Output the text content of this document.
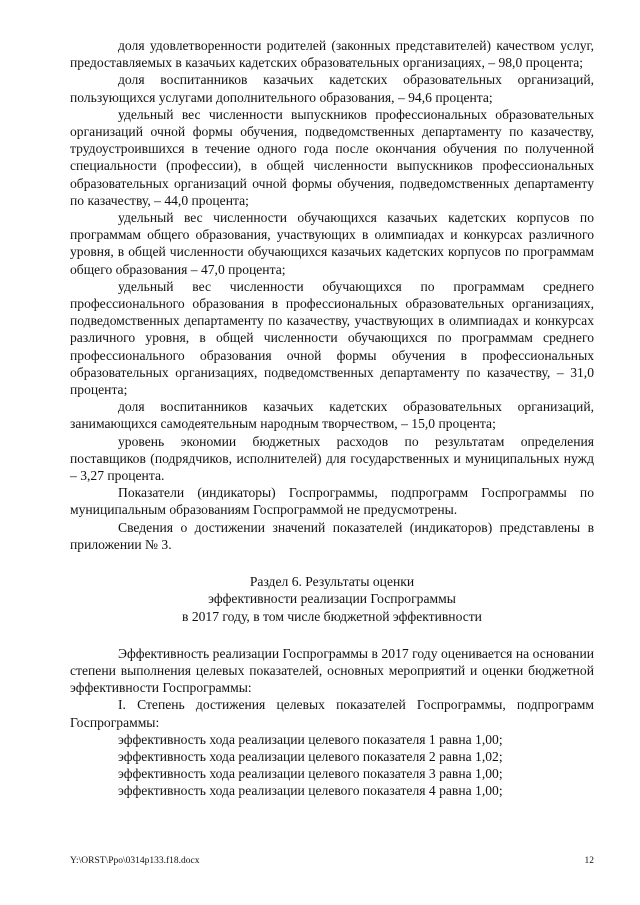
доля удовлетворенности родителей (законных представителей) качеством услуг, предоставляемых в казачьих кадетских образовательных организациях, – 98,0 процента;

доля воспитанников казачьих кадетских образовательных организаций, пользующихся услугами дополнительного образования, – 94,6 процента;

удельный вес численности выпускников профессиональных образовательных организаций очной формы обучения, подведомственных департаменту по казачеству, трудоустроившихся в течение одного года после окончания обучения по полученной специальности (профессии), в общей численности выпускников профессиональных образовательных организаций очной формы обучения, подведомственных департаменту по казачеству, – 44,0 процента;

удельный вес численности обучающихся казачьих кадетских корпусов по программам общего образования, участвующих в олимпиадах и конкурсах различного уровня, в общей численности обучающихся казачьих кадетских корпусов по программам общего образования – 47,0 процента;

удельный вес численности обучающихся по программам среднего профессионального образования в профессиональных образовательных организациях, подведомственных департаменту по казачеству, участвующих в олимпиадах и конкурсах различного уровня, в общей численности обучающихся по программам среднего профессионального образования очной формы обучения в профессиональных образовательных организациях, подведомственных департаменту по казачеству, – 31,0 процента;

доля воспитанников казачьих кадетских образовательных организаций, занимающихся самодеятельным народным творчеством, – 15,0 процента;

уровень экономии бюджетных расходов по результатам определения поставщиков (подрядчиков, исполнителей) для государственных и муниципальных нужд – 3,27 процента.

Показатели (индикаторы) Госпрограммы, подпрограмм Госпрограммы по муниципальным образованиям Госпрограммой не предусмотрены.

Сведения о достижении значений показателей (индикаторов) представлены в приложении № 3.

Раздел 6. Результаты оценки
эффективности реализации Госпрограммы
в 2017 году, в том числе бюджетной эффективности

Эффективность реализации Госпрограммы в 2017 году оценивается на основании степени выполнения целевых показателей, основных мероприятий и оценки бюджетной эффективности Госпрограммы:

I. Степень достижения целевых показателей Госпрограммы, подпрограмм Госпрограммы:

эффективность хода реализации целевого показателя 1 равна 1,00;

эффективность хода реализации целевого показателя 2 равна 1,02;

эффективность хода реализации целевого показателя 3 равна 1,00;

эффективность хода реализации целевого показателя 4 равна 1,00;

Y:\ORST\Ppo\0314p133.f18.docx	12
